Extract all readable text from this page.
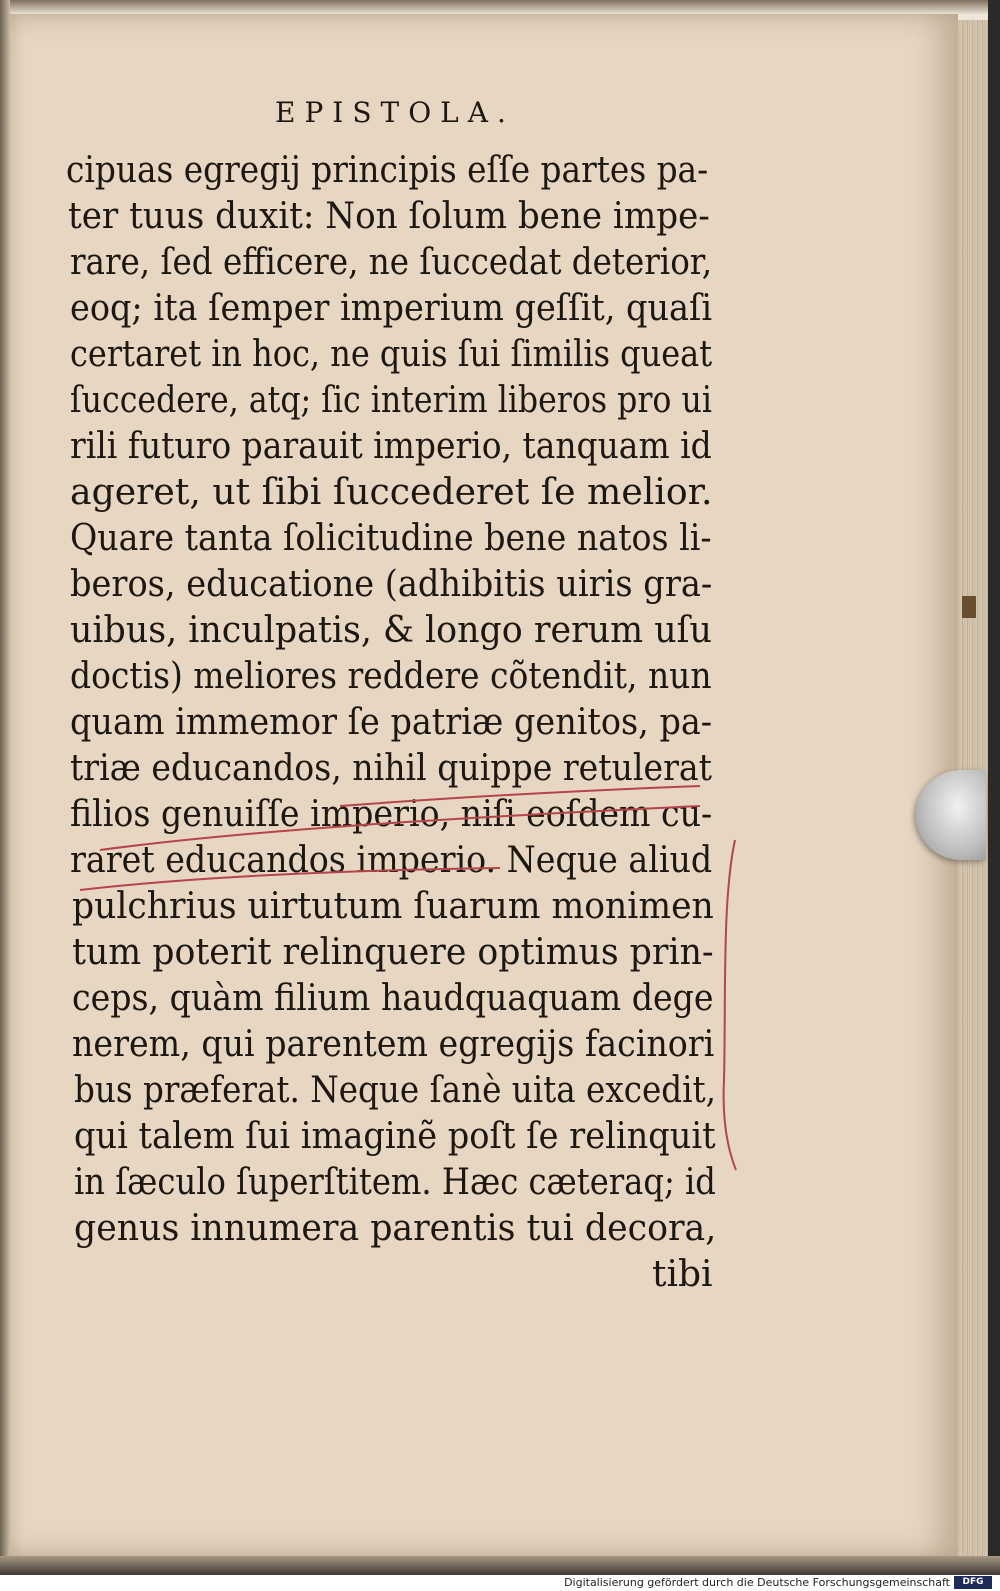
EPISTOLA.
cipuas egregij principis eſſe partes pa-
ter tuus duxit: Non ſolum bene impe-
rare, ſed efficere, ne ſuccedat deterior,
eoq; ita ſemper imperium geſſit, quaſi
certaret in hoc, ne quis ſui ſimilis queat
ſuccedere, atq; ſic interim liberos pro ui
rili futuro parauit imperio, tanquam id
ageret, ut ſibi ſuccederet ſe melior.
Quare tanta ſolicitudine bene natos li-
beros, educatione (adhibitis uiris gra-
uibus, inculpatis, & longo rerum uſu
doctis) meliores reddere cõtendit, nun
quam immemor ſe patriæ genitos, pa-
triæ educandos, nihil quippe retulerat
filios genuiſſe imperio, niſi eoſdem cu-
raret educandos imperio. Neque aliud
pulchrius uirtutum ſuarum monimen
tum poterit relinquere optimus prin-
ceps, quàm filium haudquaquam dege
nerem, qui parentem egregijs facinori
bus præferat. Neque ſanè uita excedit,
qui talem ſui imaginẽ poſt ſe relinquit
in ſæculo ſuperſtitem. Hæc cæteraq; id
genus innumera parentis tui decora,
tibi
Digitalisierung gefördert durch die Deutsche Forschungsgemeinschaft	DFG
